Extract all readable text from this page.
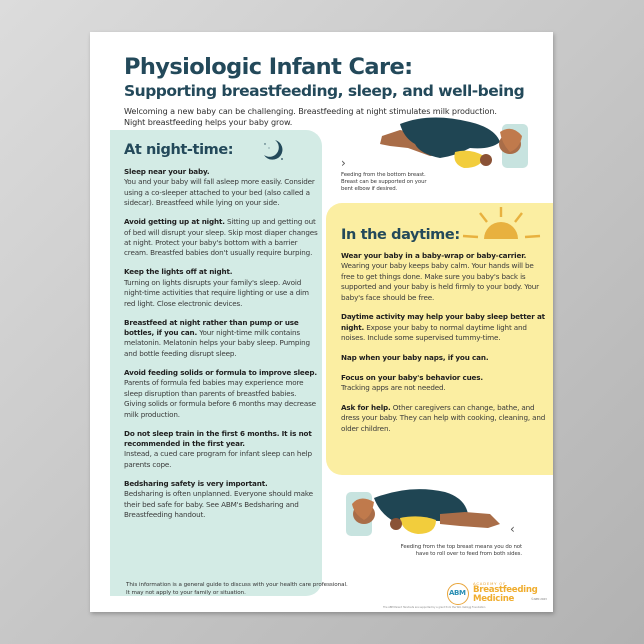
Physiologic Infant Care:
Supporting breastfeeding, sleep, and well-being

Welcoming a new baby can be challenging. Breastfeeding at night stimulates milk production.

Night breastfeeding helps your baby grow.

At night-time:
Sleep near your baby.
You and your baby will fall asleep more easily. Consider using a co-sleeper attached to your bed (also called a sidecar). Breastfeed while lying on your side.
Avoid getting up at night. Sitting up and getting out of bed will disrupt your sleep. Skip most diaper changes at night. Protect your baby's bottom with a barrier cream. Breastfed babies don't usually require burping.
Keep the lights off at night.
Turning on lights disrupts your family's sleep. Avoid night-time activities that require lighting or use a dim red light. Close electronic devices.
Breastfeed at night rather than pump or use bottles, if you can. Your night-time milk contains melatonin. Melatonin helps your baby sleep. Pumping and bottle feeding disrupt sleep.
Avoid feeding solids or formula to improve sleep. Parents of formula fed babies may experience more sleep disruption than parents of breastfed babies. Giving solids or formula before 6 months may decrease milk production.
Do not sleep train in the first 6 months. It is not recommended in the first year.
Instead, a cued care program for infant sleep can help parents cope.
Bedsharing safety is very important.
Bedsharing is often unplanned. Everyone should make their bed safe for baby. See ABM's Bedsharing and Breastfeeding handout.
›
Feeding from the bottom breast.
Breast can be supported on your
bent elbow if desired.
In the daytime:
Wear your baby in a baby-wrap or baby-carrier. Wearing your baby keeps baby calm. Your hands will be free to get things done. Make sure you baby's back is supported and your baby is held firmly to your body. Your baby's face should be free.
Daytime activity may help your baby sleep better at night. Expose your baby to normal daytime light and noises. Include some supervised tummy-time.
Nap when your baby naps, if you can.
Focus on your baby's behavior cues.
Tracking apps are not needed.
Ask for help. Other caregivers can change, bathe, and dress your baby. They can help with cooking, cleaning, and older children.
‹
Feeding from the top breast means you do not
have to roll over to feed from both sides.

This information is a general guide to discuss with your health care professional.

It may not apply to your family or situation.	ABM
ACADEMY OF
Breastfeeding
Medicine	©ABM 2023
The ABM Parent Handouts are supported by a grant from the W.K. Kellogg Foundation
